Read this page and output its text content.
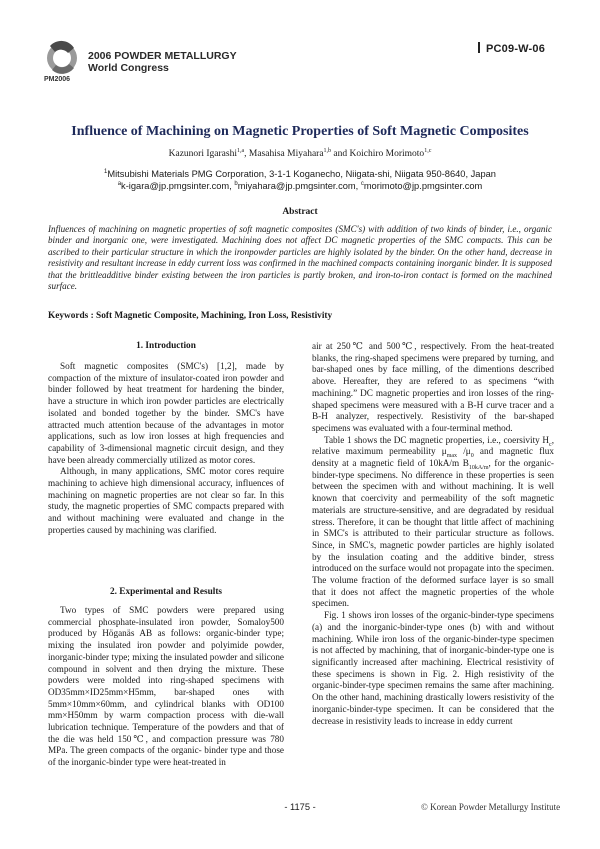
PM2006
2006 POWDER METALLURGY
World Congress
PC09-W-06
Influence of Machining on Magnetic Properties of Soft Magnetic Composites
Kazunori Igarashi$^{1,a}$, Masahisa Miyahara$^{1,b}$ and Koichiro Morimoto$^{1,c}$
$^1$Mitsubishi Materials PMG Corporation, 3-1-1 Koganecho, Niigata-shi, Niigata 950-8640, Japan
$^a$k-igara@jp.pmgsinter.com, $^b$miyahara@jp.pmgsinter.com, $^c$morimoto@jp.pmgsinter.com
Abstract
Influences of machining on magnetic properties of soft magnetic composites (SMC's) with addition of two kinds of binder, i.e., organic binder and inorganic one, were investigated. Machining does not affect DC magnetic properties of the SMC compacts. This can be ascribed to their particular structure in which the ironpowder particles are highly isolated by the binder. On the other hand, decrease in resistivity and resultant increase in eddy current loss was confirmed in the machined compacts containing inorganic binder. It is supposed that the brittleadditive binder existing between the iron particles is partly broken, and iron-to-iron contact is formed on the machined surface.
Keywords : Soft Magnetic Composite, Machining, Iron Loss, Resistivity
1. Introduction

Soft magnetic composites (SMC's) [1,2], made by compaction of the mixture of insulator-coated iron powder and binder followed by heat treatment for hardening the binder, have a structure in which iron powder particles are electrically isolated and bonded together by the binder. SMC's have attracted much attention because of the advantages in motor applications, such as low iron losses at high frequencies and capability of 3-dimensional magnetic circuit design, and they have been already commercially utilized as motor cores.

Although, in many applications, SMC motor cores require machining to achieve high dimensional accuracy, influences of machining on magnetic properties are not clear so far. In this study, the magnetic properties of SMC compacts prepared with and without machining were evaluated and change in the properties caused by machining was clarified.

2. Experimental and Results

Two types of SMC powders were prepared using commercial phosphate-insulated iron powder, Somaloy500 produced by Höganäs AB as follows: organic-binder type; mixing the insulated iron powder and polyimide powder, inorganic-binder type; mixing the insulated powder and silicone compound in solvent and then drying the mixture. These powders were molded into ring-shaped specimens with OD35mm×ID25mm×H5mm, bar-shaped ones with 5mm×10mm×60mm, and cylindrical blanks with OD100 mm×H50mm by warm compaction process with die-wall lubrication technique. Temperature of the powders and that of the die was held 150℃, and compaction pressure was 780 MPa. The green compacts of the organic- binder type and those of the inorganic-binder type were heat-treated in

air at 250℃ and 500℃, respectively. From the heat-treated blanks, the ring-shaped specimens were prepared by turning, and bar-shaped ones by face milling, of the dimentions described above. Hereafter, they are refered to as specimens “with machining.” DC magnetic properties and iron losses of the ring-shaped specimens were measured with a B-H curve tracer and a B-H analyzer, respectively. Resistivity of the bar-shaped specimens was evaluated with a four-terminal method.

Table 1 shows the DC magnetic properties, i.e., coersivity $H_c$, relative maximum permeability $\mu_{max}$ $/\mu_0$ and magnetic flux density at a magnetic field of 10kA/m $B_{10kA/m}$, for the organic-binder-type specimens. No difference in these properties is seen between the specimen with and without machining. It is well known that coercivity and permeability of the soft magnetic materials are structure-sensitive, and are degradated by residual stress. Therefore, it can be thought that little affect of machining in SMC's is attributed to their particular structure as follows. Since, in SMC's, magnetic powder particles are highly isolated by the insulation coating and the additive binder, stress introduced on the surface would not propagate into the specimen. The volume fraction of the deformed surface layer is so small that it does not affect the magnetic properties of the whole specimen.

Fig. 1 shows iron losses of the organic-binder-type specimens (a) and the inorganic-binder-type ones (b) with and without machining. While iron loss of the organic-binder-type specimen is not affected by machining, that of inorganic-binder-type one is significantly increased after machining. Electrical resistivity of these specimens is shown in Fig. 2. High resistivity of the organic-binder-type specimen remains the same after machining. On the other hand, machining drastically lowers resistivity of the inorganic-binder-type specimen. It can be considered that the decrease in resistivity leads to increase in eddy current

- 1175 -	© Korean Powder Metallurgy Institute
